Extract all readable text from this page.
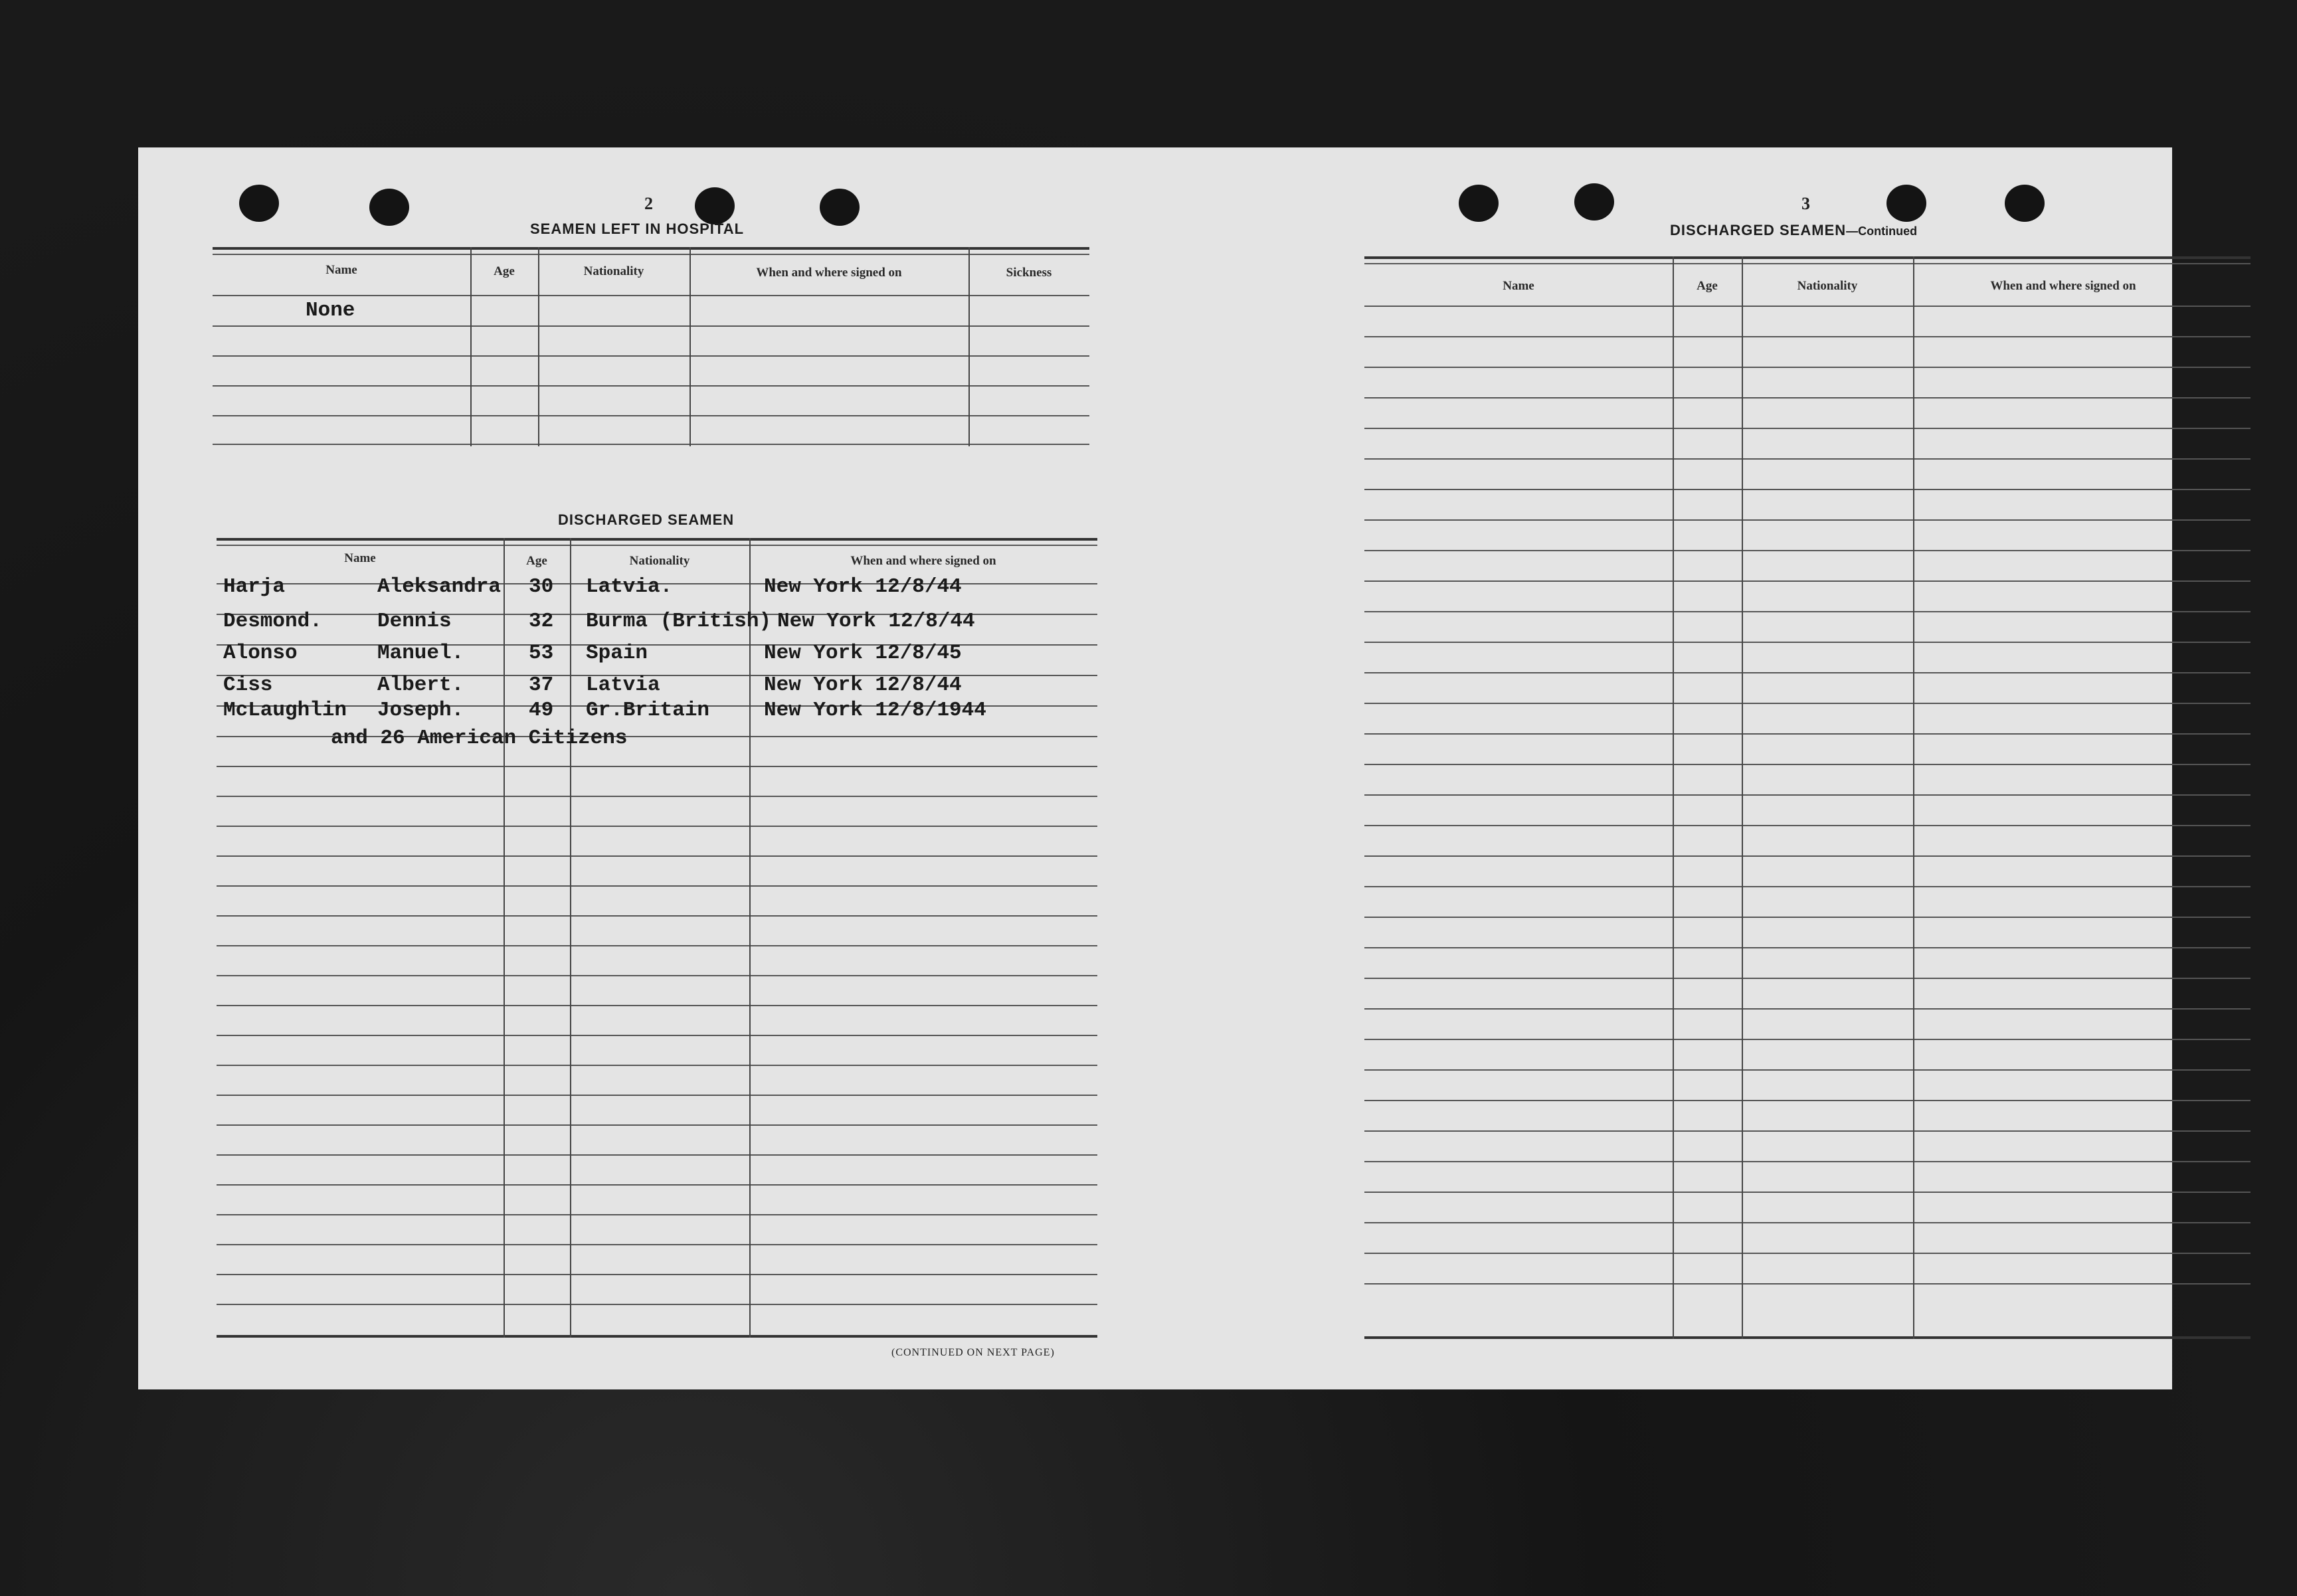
2
SEAMEN LEFT IN HOSPITAL
Name	Age	Nationality	When and where signed on	Sickness
None
DISCHARGED SEAMEN
Name	Age	Nationality	When and where signed on
Harja	Aleksandra 30 Latvia.	New York 12/8/44
Desmond.	Dennis	32 Burma (British) New York 12/8/44
Alonso	Manuel.	53 Spain	New York 12/8/45
Ciss	Albert.	37 Latvia	New York 12/8/44
McLaughlin Joseph.	49 Gr.Britain	New York 12/8/1944
and 26 American Citizens
(CONTINUED ON NEXT PAGE)
3
DISCHARGED SEAMEN—Continued
Name	Age	Nationality	When and where signed on
